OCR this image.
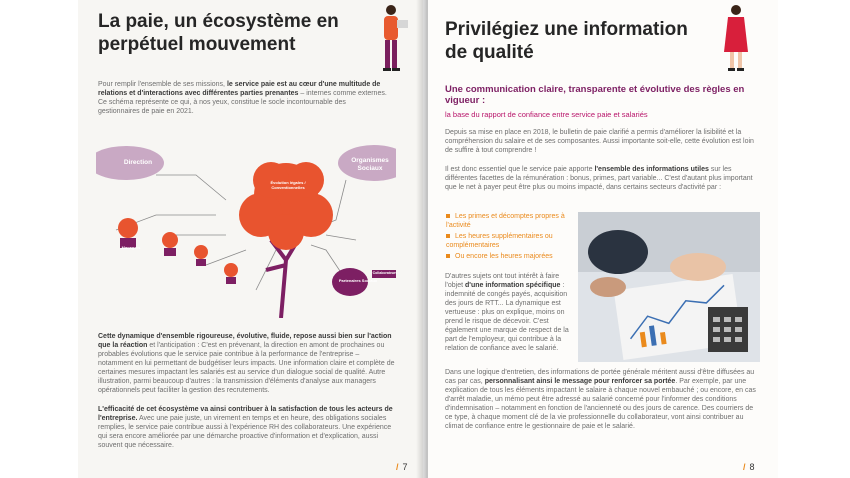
La paie, un écosystème en perpétuel mouvement

Pour remplir l'ensemble de ses missions, le service paie est au cœur d'une multitude de relations et d'interactions avec différentes parties prenantes – internes comme externes. Ce schéma représente ce qui, à nos yeux, constitue le socle incontournable des gestionnaires de paie en 2021.

Direction	Organismes Sociaux
Évolution légales / Conventionnelles
Managers
Partenaires Sociaux
Collaborateurs

Cette dynamique d'ensemble rigoureuse, évolutive, fluide, repose aussi bien sur l'action que la réaction et l'anticipation : C'est en prévenant, la direction en amont de prochaines ou probables évolutions que le service paie contribue à la performance de l'entreprise – notamment en lui permettant de budgétiser leurs impacts. Une information claire et complète de certaines mesures impactant les salariés est au service d'un dialogue social de qualité. Autre illustration, parmi beaucoup d'autres : la transmission d'éléments d'analyse aux managers opérationnels peut faciliter la gestion des recrutements.

L'efficacité de cet écosystème va ainsi contribuer à la satisfaction de tous les acteurs de l'entreprise. Avec une paie juste, un virement en temps et en heure, des obligations sociales remplies, le service paie contribue aussi à l'expérience RH des collaborateurs. Une expérience qui sera encore améliorée par une démarche proactive d'information et d'explication, aussi souvent que nécessaire.

/ 7
Privilégiez une information de qualité

Une communication claire, transparente et évolutive des règles en vigueur :

la base du rapport de confiance entre service paie et salariés

Depuis sa mise en place en 2018, le bulletin de paie clarifié a permis d'améliorer la lisibilité et la compréhension du salaire et de ses composantes. Aussi importante soit-elle, cette évolution est loin de suffire à tout comprendre !

Il est donc essentiel que le service paie apporte l'ensemble des informations utiles sur les différentes facettes de la rémunération : bonus, primes, part variable... C'est d'autant plus important que le net à payer peut être plus ou moins impacté, dans certains secteurs d'activité par :

Les primes et décomptes propres à l'activité
Les heures supplémentaires ou complémentaires
Ou encore les heures majorées

D'autres sujets ont tout intérêt à faire l'objet d'une information spécifique : indemnité de congés payés, acquisition des jours de RTT... La dynamique est vertueuse : plus on explique, moins on prend le risque de décevoir. C'est également une marque de respect de la part de l'employeur, qui contribue à la relation de confiance avec le salarié.

Dans une logique d'entretien, des informations de portée générale méritent aussi d'être diffusées au cas par cas, personnalisant ainsi le message pour renforcer sa portée. Par exemple, par une explication de tous les éléments impactant le salaire à chaque nouvel embauché ; ou encore, en cas d'arrêt maladie, un mémo peut être adressé au salarié concerné pour l'informer des conditions d'indemnisation – notamment en fonction de l'ancienneté ou des jours de carence. Des courriers de ce type, à chaque moment clé de la vie professionnelle du collaborateur, vont ainsi contribuer au climat de confiance entre le gestionnaire de paie et le salarié.

/ 8
